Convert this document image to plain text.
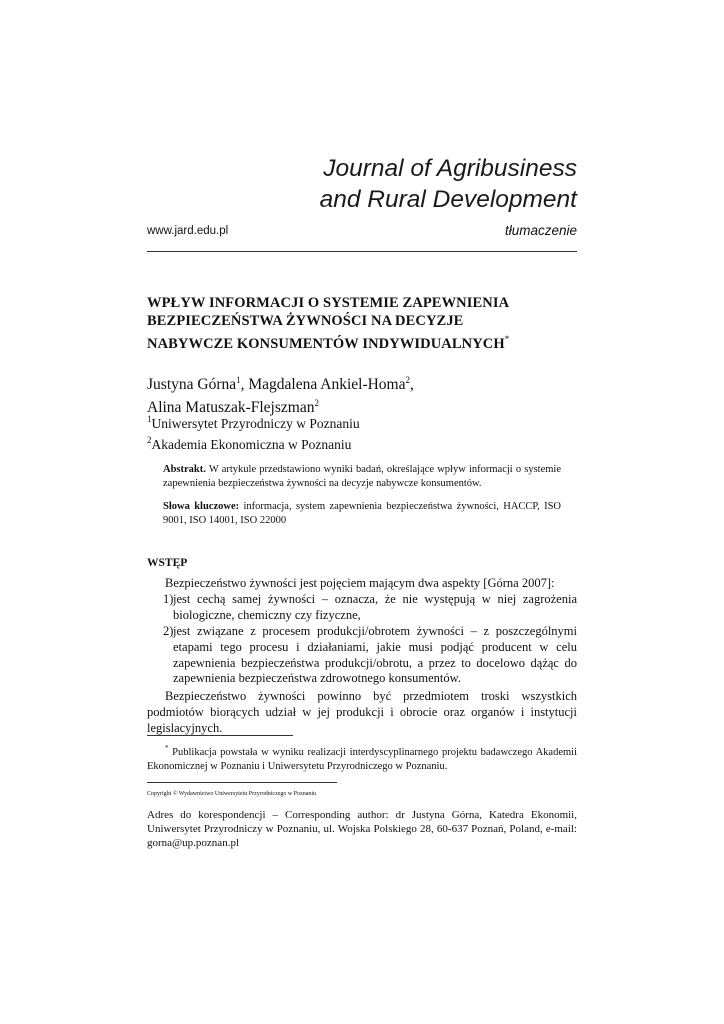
Journal of Agribusiness
and Rural Development
www.jard.edu.pl	tłumaczenie
WPŁYW INFORMACJI O SYSTEMIE ZAPEWNIENIA
BEZPIECZEŃSTWA ŻYWNOŚCI NA DECYZJE
NABYWCZE KONSUMENTÓW INDYWIDUALNYCH*
Justyna Górna$^1$, Magdalena Ankiel-Homa$^2$,
Alina Matuszak-Flejszman$^2$
$^1$Uniwersytet Przyrodniczy w Poznaniu
$^2$Akademia Ekonomiczna w Poznaniu

Abstrakt. W artykule przedstawiono wyniki badań, określające wpływ informacji o systemie zapewnienia bezpieczeństwa żywności na decyzje nabywcze konsumentów.

Słowa kluczowe: informacja, system zapewnienia bezpieczeństwa żywności, HACCP, ISO 9001, ISO 14001, ISO 22000

WSTĘP

Bezpieczeństwo żywności jest pojęciem mającym dwa aspekty [Górna 2007]:

1) jest cechą samej żywności – oznacza, że nie występują w niej zagrożenia biologiczne, chemiczny czy fizyczne,
2) jest związane z procesem produkcji/obrotem żywności – z poszczególnymi etapami tego procesu i działaniami, jakie musi podjąć producent w celu zapewnienia bezpieczeństwa produkcji/obrotu, a przez to docelowo dążąc do zapewnienia bezpieczeństwa zdrowotnego konsumentów.

Bezpieczeństwo żywności powinno być przedmiotem troski wszystkich podmiotów biorących udział w jej produkcji i obrocie oraz organów i instytucji legislacyjnych.

* Publikacja powstała w wyniku realizacji interdyscyplinarnego projektu badawczego Akademii Ekonomicznej w Poznaniu i Uniwersytetu Przyrodniczego w Poznaniu.
Copyright © Wydawnictwo Uniwersytetu Przyrodniczego w Poznaniu
Adres do korespondencji – Corresponding author: dr Justyna Górna, Katedra Ekonomii, Uniwersytet Przyrodniczy w Poznaniu, ul. Wojska Polskiego 28, 60-637 Poznań, Poland, e-mail: gorna@up.poznan.pl
